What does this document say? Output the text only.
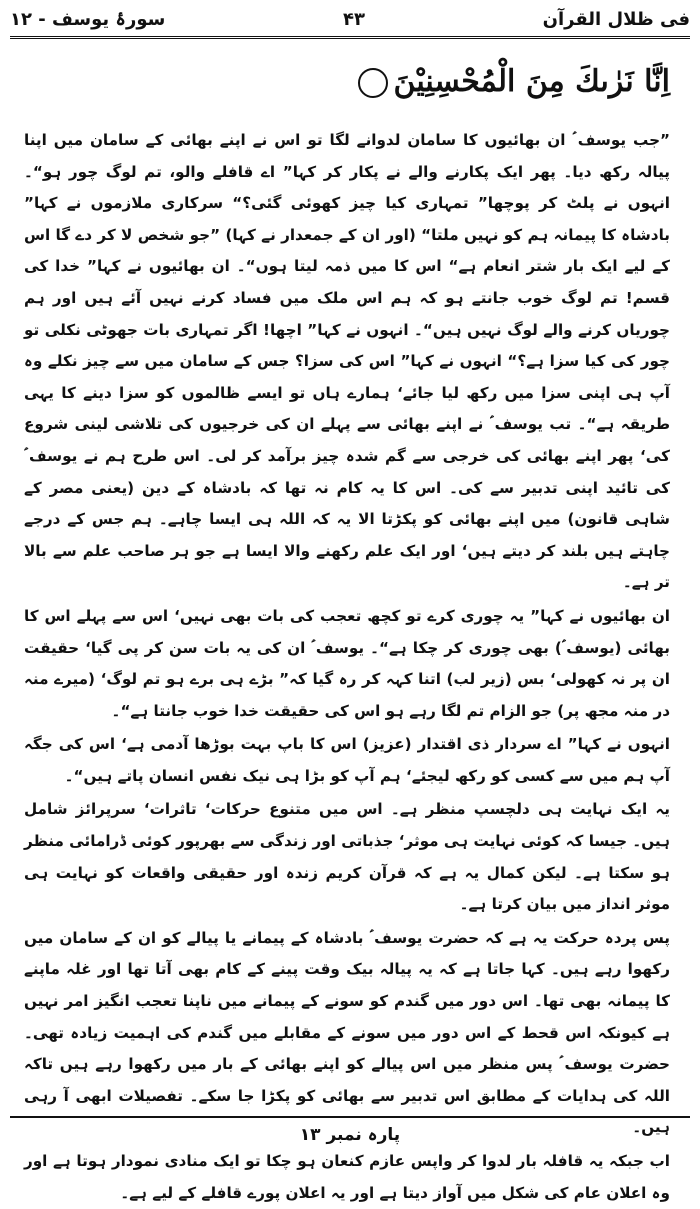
فی ظلال القرآن
۴۳
سورۂ یوسف - ۱۲
اِنَّا نَرٰىكَ مِنَ الْمُحْسِنِيْنَ

”جب یوسف ؑ ان بھائیوں کا سامان لدوانے لگا تو اس نے اپنے بھائی کے سامان میں اپنا پیالہ رکھ دیا۔ پھر ایک پکارنے والے نے پکار کر کہا” اے قافلے والو، تم لوگ چور ہو“۔ انہوں نے پلٹ کر پوچھا” تمہاری کیا چیز کھوئی گئی؟“ سرکاری ملازموں نے کہا” بادشاہ کا پیمانہ ہم کو نہیں ملتا“ (اور ان کے جمعدار نے کہا) ”جو شخص لا کر دے گا اس کے لیے ایک بار شتر انعام ہے“ اس کا میں ذمہ لیتا ہوں“۔ ان بھائیوں نے کہا” خدا کی قسم! تم لوگ خوب جانتے ہو کہ ہم اس ملک میں فساد کرنے نہیں آئے ہیں اور ہم چوریاں کرنے والے لوگ نہیں ہیں“۔ انہوں نے کہا” اچھا! اگر تمہاری بات جھوٹی نکلی تو چور کی کیا سزا ہے؟“ انہوں نے کہا” اس کی سزا؟ جس کے سامان میں سے چیز نکلے وہ آپ ہی اپنی سزا میں رکھ لیا جائے‘ ہمارے ہاں تو ایسے ظالموں کو سزا دینے کا یہی طریقہ ہے“۔ تب یوسف ؑ نے اپنے بھائی سے پہلے ان کی خرجیوں کی تلاشی لینی شروع کی‘ پھر اپنے بھائی کی خرجی سے گم شدہ چیز برآمد کر لی۔ اس طرح ہم نے یوسف ؑ کی تائید اپنی تدبیر سے کی۔ اس کا یہ کام نہ تھا کہ بادشاہ کے دین (یعنی مصر کے شاہی قانون) میں اپنے بھائی کو پکڑتا الا یہ کہ اللہ ہی ایسا چاہے۔ ہم جس کے درجے چاہتے ہیں بلند کر دیتے ہیں‘ اور ایک علم رکھنے والا ایسا ہے جو ہر صاحب علم سے بالا تر ہے۔

ان بھائیوں نے کہا” یہ چوری کرے تو کچھ تعجب کی بات بھی نہیں‘ اس سے پہلے اس کا بھائی (یوسف ؑ) بھی چوری کر چکا ہے“۔ یوسف ؑ ان کی یہ بات سن کر پی گیا‘ حقیقت ان پر نہ کھولی‘ بس (زیر لب) اتنا کہہ کر رہ گیا کہ” بڑے ہی برے ہو تم لوگ‘ (میرے منہ در منہ مجھ پر) جو الزام تم لگا رہے ہو اس کی حقیقت خدا خوب جانتا ہے“۔

انہوں نے کہا” اے سردار ذی اقتدار (عزیز) اس کا باپ بہت بوڑھا آدمی ہے‘ اس کی جگہ آپ ہم میں سے کسی کو رکھ لیجئے‘ ہم آپ کو بڑا ہی نیک نفس انسان پاتے ہیں“۔

یہ ایک نہایت ہی دلچسپ منظر ہے۔ اس میں متنوع حرکات‘ تاثرات‘ سرپرائز شامل ہیں۔ جیسا کہ کوئی نہایت ہی موثر‘ جذباتی اور زندگی سے بھرپور کوئی ڈرامائی منظر ہو سکتا ہے۔ لیکن کمال یہ ہے کہ قرآن کریم زندہ اور حقیقی واقعات کو نہایت ہی موثر انداز میں بیان کرتا ہے۔

پس پردہ حرکت یہ ہے کہ حضرت یوسف ؑ بادشاہ کے پیمانے یا پیالے کو ان کے سامان میں رکھوا رہے ہیں۔ کہا جاتا ہے کہ یہ پیالہ بیک وقت پینے کے کام بھی آتا تھا اور غلہ ماپنے کا پیمانہ بھی تھا۔ اس دور میں گندم کو سونے کے پیمانے میں ناپنا تعجب انگیز امر نہیں ہے کیونکہ اس قحط کے اس دور میں سونے کے مقابلے میں گندم کی اہمیت زیادہ تھی۔ حضرت یوسف ؑ پس منظر میں اس پیالے کو اپنے بھائی کے بار میں رکھوا رہے ہیں تاکہ اللہ کی ہدایات کے مطابق اس تدبیر سے بھائی کو پکڑا جا سکے۔ تفصیلات ابھی آ رہی ہیں۔

اب جبکہ یہ قافلہ بار لدوا کر واپس عازم کنعان ہو چکا تو ایک منادی نمودار ہوتا ہے اور وہ اعلان عام کی شکل میں آواز دیتا ہے اور یہ اعلان پورے قافلے کے لیے ہے۔

پارہ نمبر ۱۳
